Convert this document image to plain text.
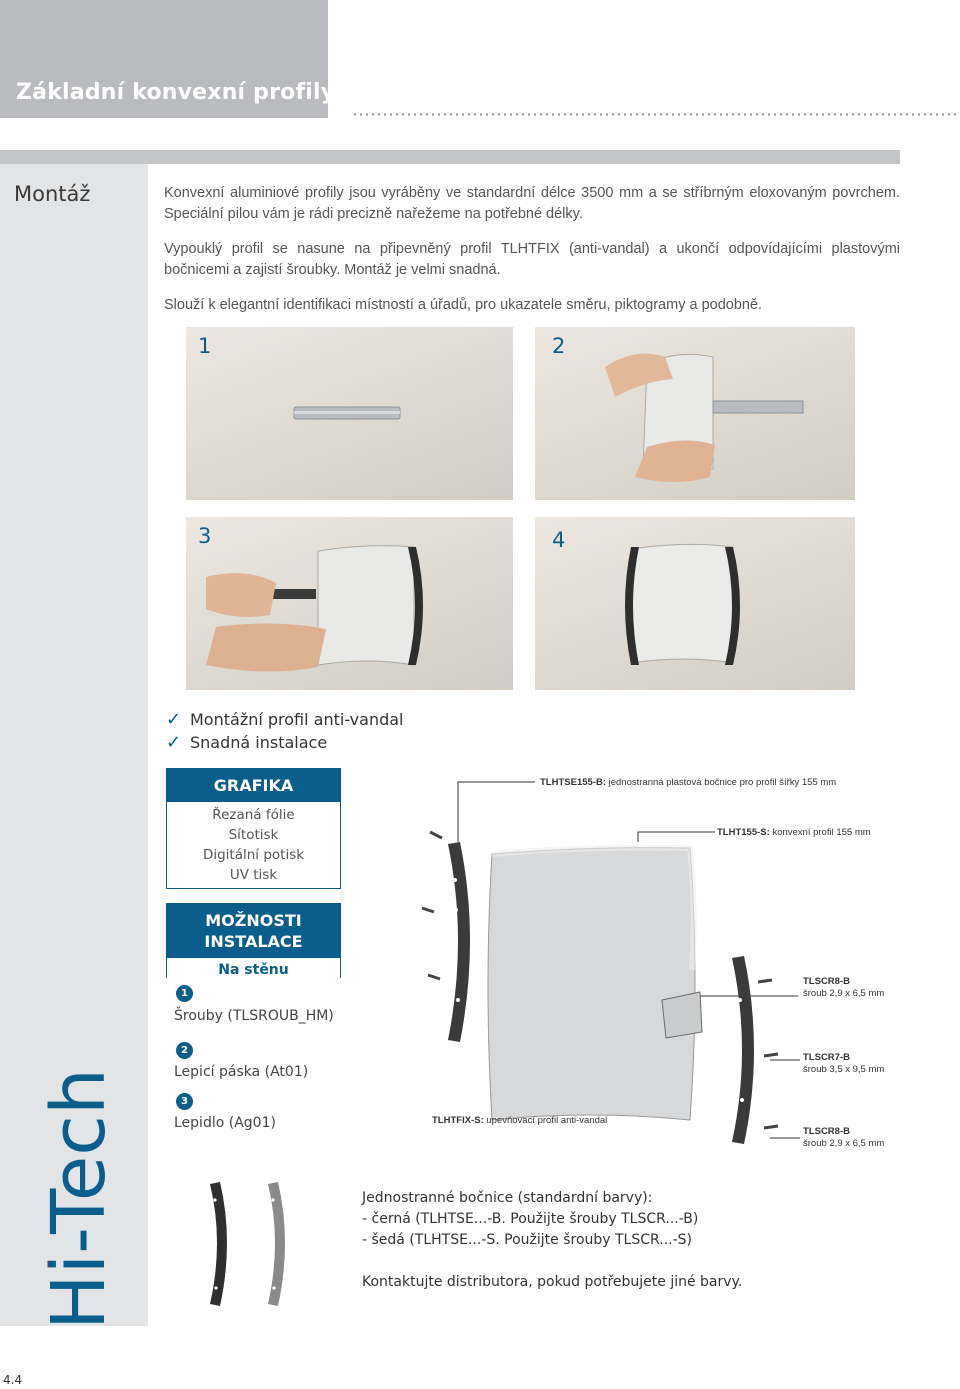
Základní konvexní profily
Montáž
Hi-Tech

Konvexní aluminiové profily jsou vyráběny ve standardní délce 3500 mm a se stříbrným eloxovaným povrchem. Speciální pilou vám je rádi precizně nařežeme na potřebné délky.

Vypouklý profil se nasune na připevněný profil TLHTFIX (anti-vandal) a ukončí odpovídajícími plastovými bočnicemi a zajistí šroubky. Montáž je velmi snadná.

Slouží k elegantní identifikaci místností a úřadů, pro ukazatele směru, piktogramy a podobně.

1	2
3	4
✓ Montážní profil anti-vandal
✓ Snadná instalace
GRAFIKA
Řezaná fólie
Sítotisk
Digitální potisk
UV tisk
MOŽNOSTI
INSTALACE
Na stěnu
1
Šrouby (TLSROUB_HM)
2
Lepicí páska (At01)
3
Lepidlo (Ag01)
TLHTSE155-B: jednostranná plastová bočnice pro profil šířky 155 mm
TLHT155-S: konvexní profil 155 mm
TLHTFIX-S: upevňovací profil anti-vandal
TLSCR8-B
šroub 2,9 x 6,5 mm
TLSCR7-B
šroub 3,5 x 9,5 mm
TLSCR8-B
šroub 2,9 x 6,5 mm
Jednostranné bočnice (standardní barvy):
- černá (TLHTSE...-B. Použijte šrouby TLSCR...-B)
- šedá (TLHTSE...-S. Použijte šrouby TLSCR...-S)
Kontaktujte distributora, pokud potřebujete jiné barvy.
4.4
